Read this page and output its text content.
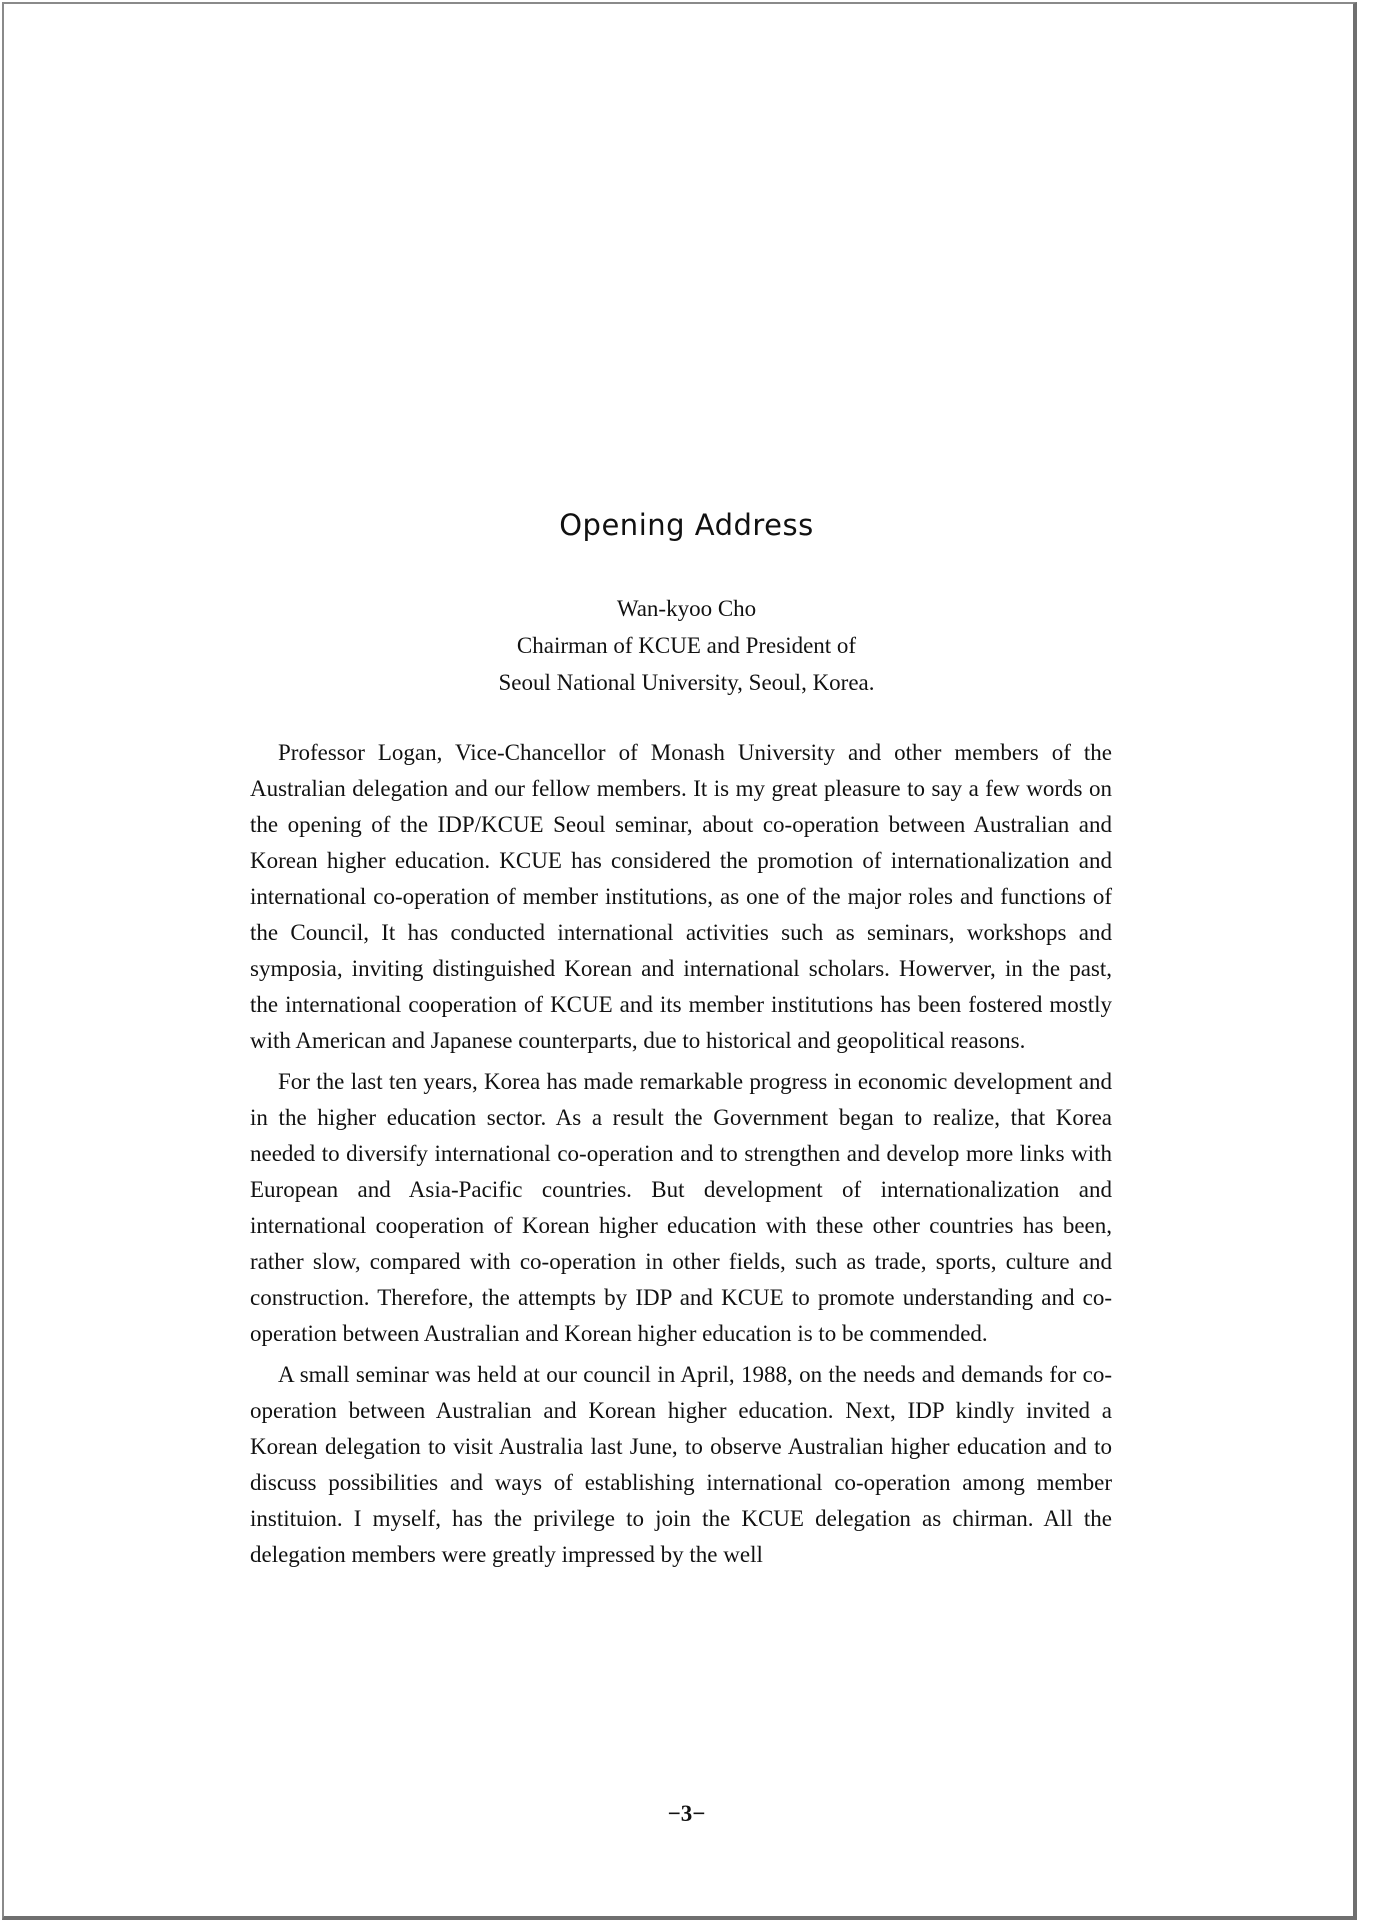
Opening Address
Wan-kyoo Cho
Chairman of KCUE and President of
Seoul National University, Seoul, Korea.

Professor Logan, Vice-Chancellor of Monash University and other members of the Australian delegation and our fellow members. It is my great pleasure to say a few words on the opening of the IDP/KCUE Seoul seminar, about co-operation between Australian and Korean higher education. KCUE has considered the promotion of internationalization and international co-operation of member institutions, as one of the major roles and functions of the Council, It has conducted international activities such as seminars, workshops and symposia, inviting distinguished Korean and international scholars. Howerver, in the past, the international cooperation of KCUE and its member institutions has been fostered mostly with American and Japanese counterparts, due to historical and geopolitical reasons.

For the last ten years, Korea has made remarkable progress in economic development and in the higher education sector. As a result the Government began to realize, that Korea needed to diversify international co-operation and to strengthen and develop more links with European and Asia-Pacific countries. But development of internationalization and international cooperation of Korean higher education with these other countries has been, rather slow, compared with co-operation in other fields, such as trade, sports, culture and construction. Therefore, the attempts by IDP and KCUE to promote understanding and co-operation between Australian and Korean higher education is to be commended.

A small seminar was held at our council in April, 1988, on the needs and demands for co-operation between Australian and Korean higher education. Next, IDP kindly invited a Korean delegation to visit Australia last June, to observe Australian higher education and to discuss possibilities and ways of establishing international co-operation among member instituion. I myself, has the privilege to join the KCUE delegation as chirman. All the delegation members were greatly impressed by the well

−3−
